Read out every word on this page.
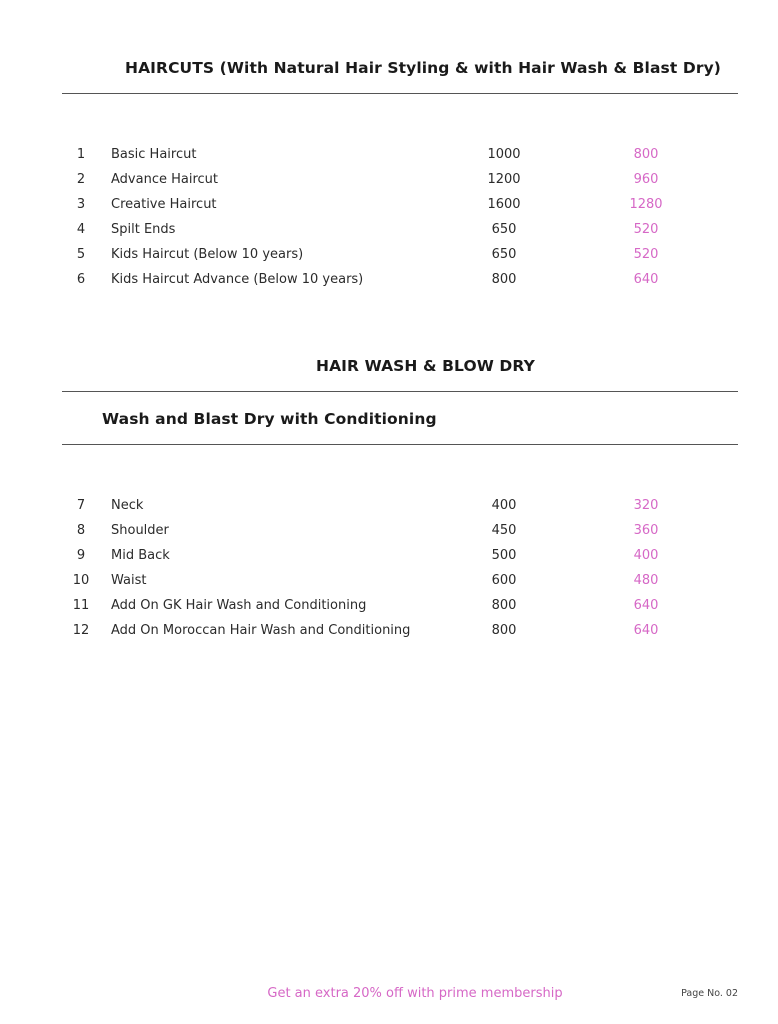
HAIRCUTS (With Natural Hair Styling & with Hair Wash & Blast Dry)
1	Basic Haircut	1000	800
2	Advance Haircut	1200	960
3	Creative Haircut	1600	1280
4	Spilt Ends	650	520
5	Kids Haircut (Below 10 years)	650	520
6	Kids Haircut Advance (Below 10 years)	800	640
HAIR WASH & BLOW DRY
Wash and Blast Dry with Conditioning
7	Neck	400	320
8	Shoulder	450	360
9	Mid Back	500	400
10	Waist	600	480
11	Add On GK Hair Wash and Conditioning	800	640
12	Add On Moroccan Hair Wash and Conditioning	800	640
Get an extra 20% off with prime membership	Page No. 02
